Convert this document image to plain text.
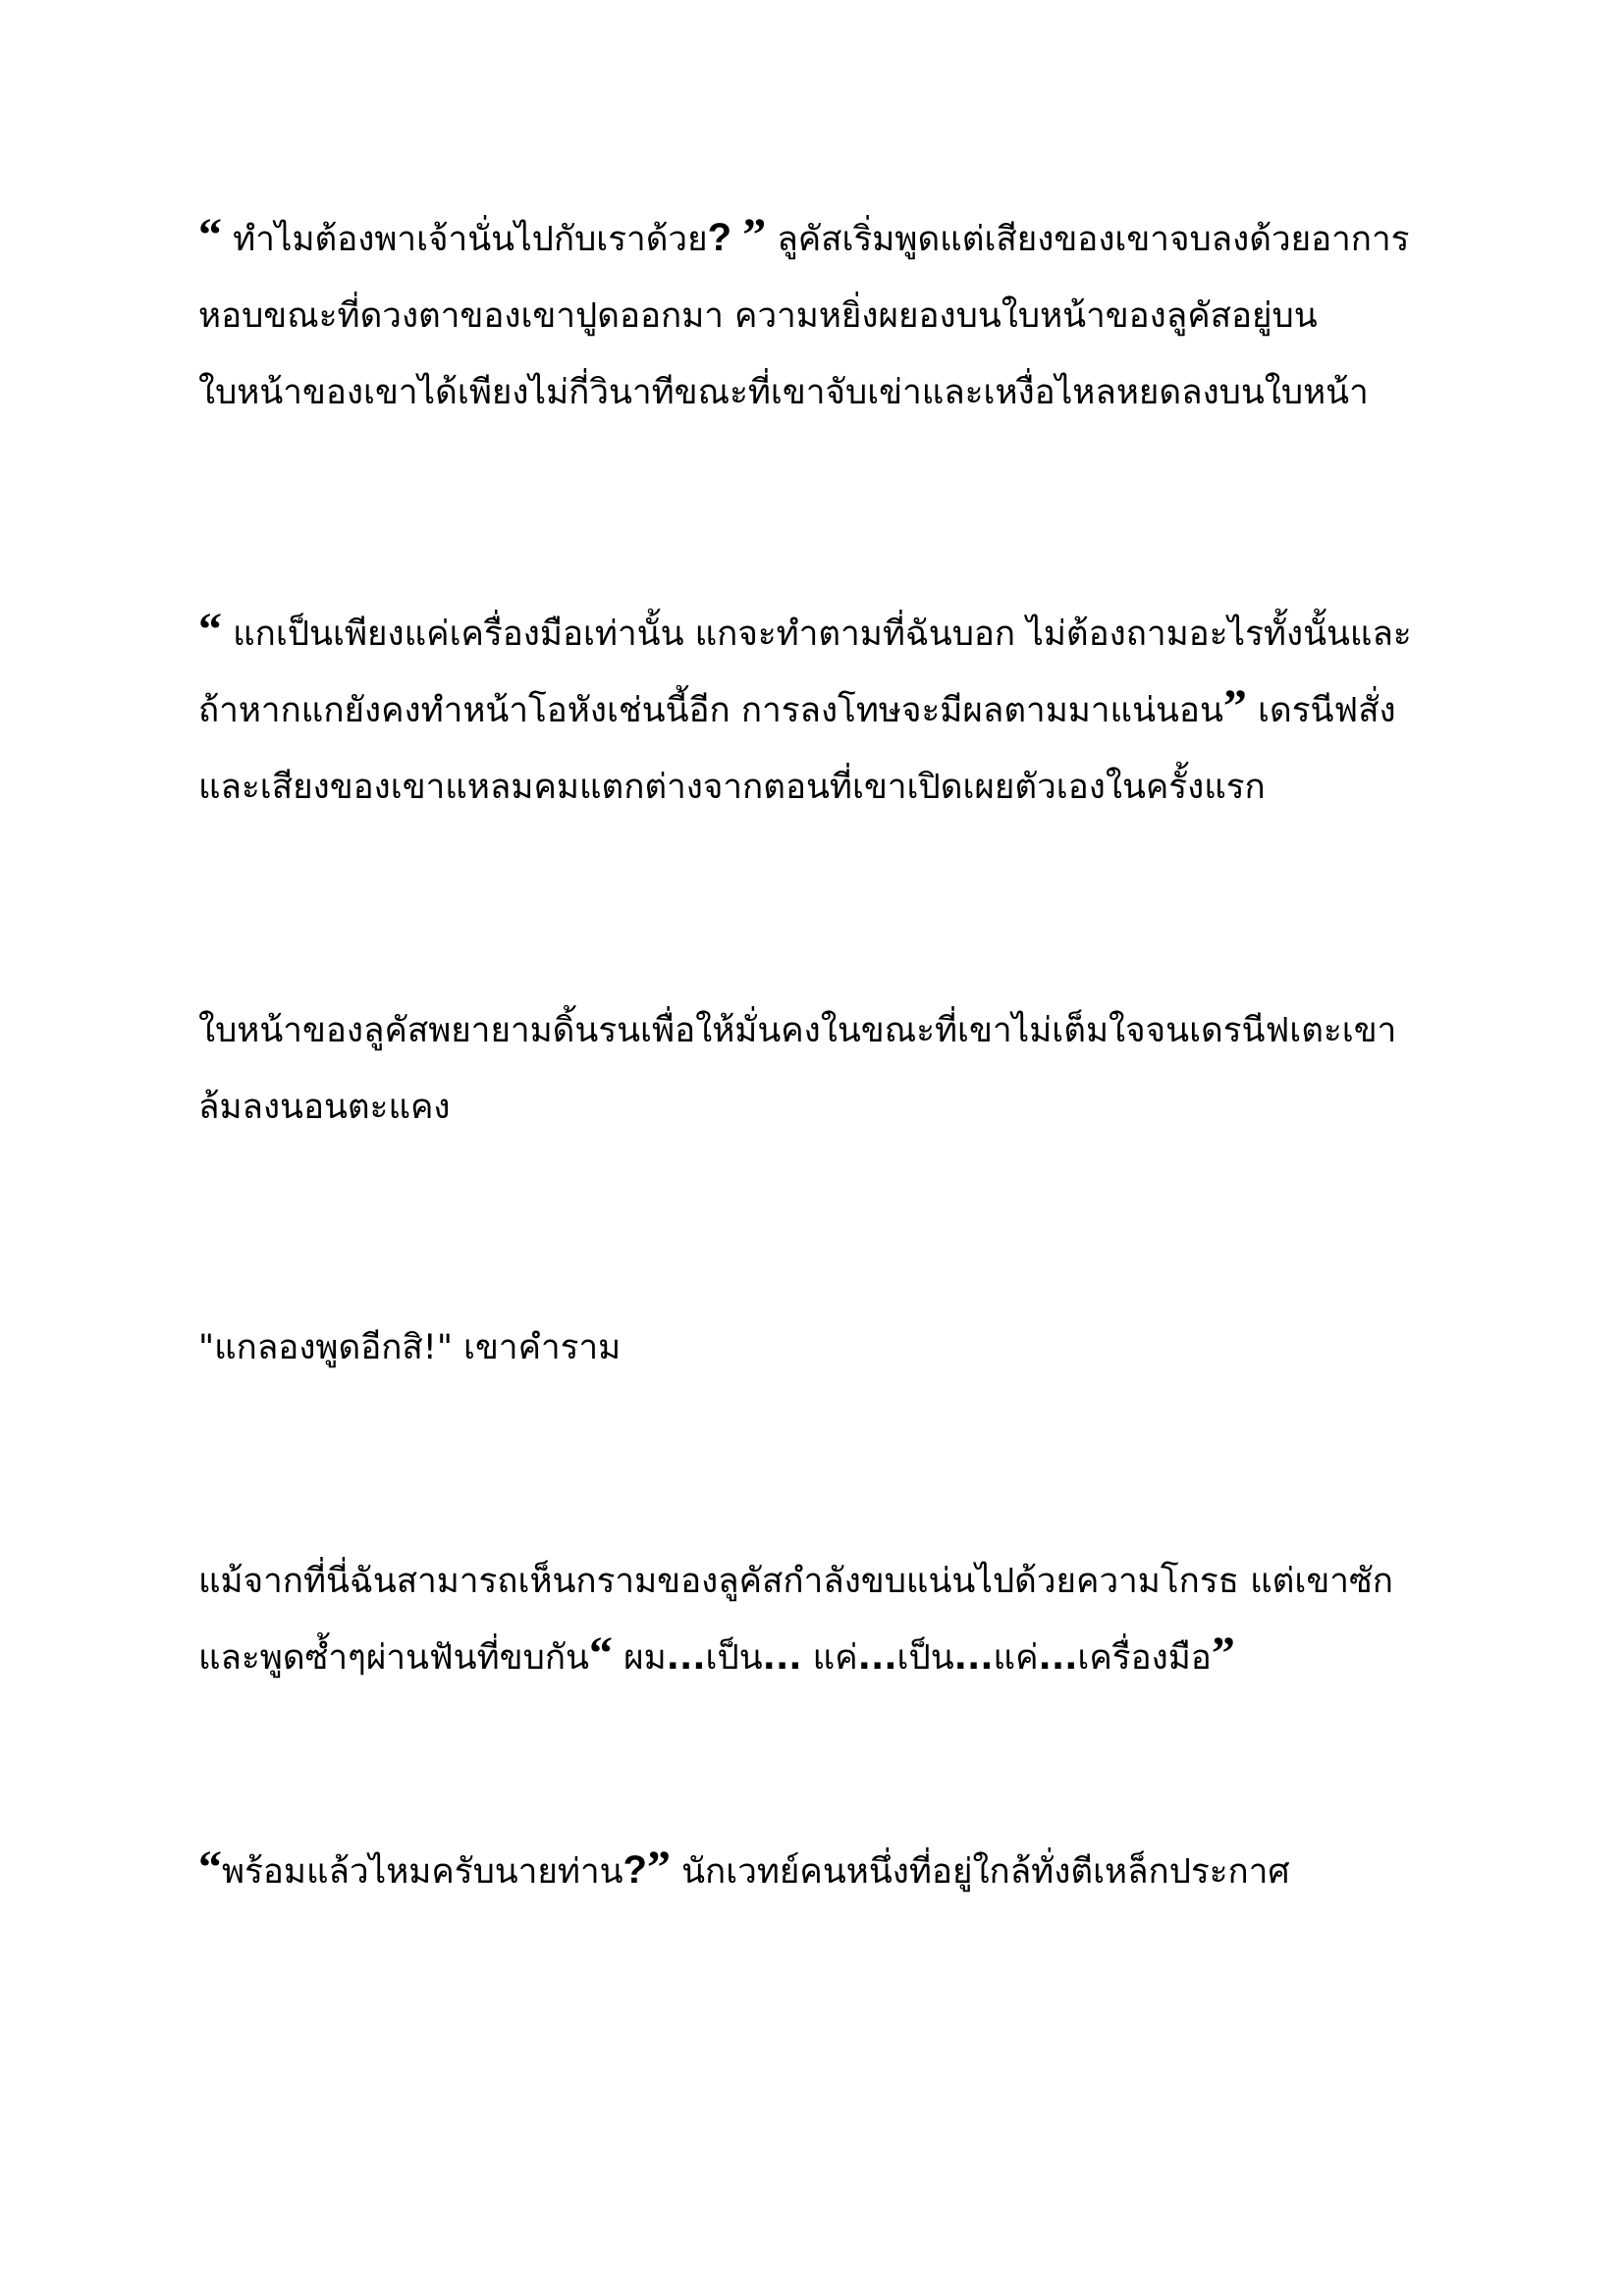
“ ทำไมต้องพาเจ้านั่นไปกับเราด้วย? ” ลูคัสเริ่มพูดแต่เสียงของเขาจบลงด้วยอาการ
หอบขณะที่ดวงตาของเขาปูดออกมา ความหยิ่งผยองบนใบหน้าของลูคัสอยู่บน
ใบหน้าของเขาได้เพียงไม่กี่วินาทีขณะที่เขาจับเข่าและเหงื่อไหลหยดลงบนใบหน้า
“ แกเป็นเพียงแค่เครื่องมือเท่านั้น แกจะทำตามที่ฉันบอก ไม่ต้องถามอะไรทั้งนั้นและ
ถ้าหากแกยังคงทำหน้าโอหังเช่นนี้อีก การลงโทษจะมีผลตามมาแน่นอน” เดรนีฟสั่ง
และเสียงของเขาแหลมคมแตกต่างจากตอนที่เขาเปิดเผยตัวเองในครั้งแรก
ใบหน้าของลูคัสพยายามดิ้นรนเพื่อให้มั่นคงในขณะที่เขาไม่เต็มใจจนเดรนีฟเตะเขา
ล้มลงนอนตะแคง
"แกลองพูดอีกสิ!" เขาคำราม
แม้จากที่นี่ฉันสามารถเห็นกรามของลูคัสกำลังขบแน่นไปด้วยความโกรธ แต่เขาซัก
และพูดซ้ำๆผ่านฟันที่ขบกัน“ ผม...เป็น... แค่...เป็น...แค่...เครื่องมือ”
“พร้อมแล้วไหมครับนายท่าน?” นักเวทย์คนหนึ่งที่อยู่ใกล้ทั่งตีเหล็กประกาศ
